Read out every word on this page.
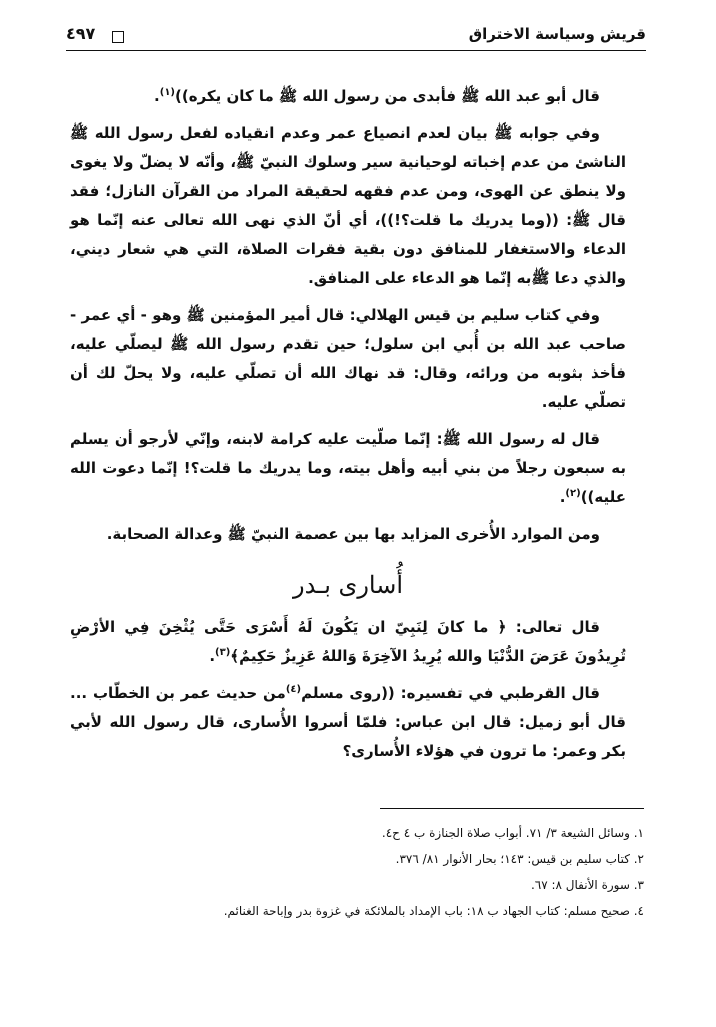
قريش وسياسة الاختراق
٤٩٧

قال أبو عبد الله ﷺ فأبدى من رسول الله ﷺ ما كان يكره))$^{(١)}$.

وفي جوابه ﷺ بيان لعدم انصياع عمر وعدم انقياده لفعل رسول الله ﷺ الناشئ من عدم إخباته لوحيانية سير وسلوك النبيّ ﷺ، وأنّه لا يضلّ ولا يغوى ولا ينطق عن الهوى، ومن عدم فقهه لحقيقة المراد من القرآن النازل؛ فقد قال ﷺ: ((وما يدريك ما قلت؟!))، أي أنّ الذي نهى الله تعالى عنه إنّما هو الدعاء والاستغفار للمنافق دون بقية فقرات الصلاة، التي هي شعار ديني، والذي دعا ﷺبه إنّما هو الدعاء على المنافق.

وفي كتاب سليم بن قيس الهلالي: قال أمير المؤمنين ﷺ وهو - أي عمر - صاحب عبد الله بن أُبي ابن سلول؛ حين تقدم رسول الله ﷺ ليصلّي عليه، فأخذ بثوبه من ورائه، وقال: قد نهاك الله أن تصلّي عليه، ولا يحلّ لك أن تصلّي عليه.

قال له رسول الله ﷺ: إنّما صلّيت عليه كرامة لابنه، وإنّي لأرجو أن يسلم به سبعون رجلاً من بني أبيه وأهل بيته، وما يدريك ما قلت؟! إنّما دعوت الله عليه))$^{(٢)}$.

ومن الموارد الأُخرى المزايد بها بين عصمة النبيّ ﷺ وعدالة الصحابة.

أُسارى بـدر

قال تعالى: ﴿ ما كانَ لِنَبِيّ ان يَكُونَ لَهُ أَسْرَى حَتَّى يُثْخِنَ فِي الأرْضِ تُرِيدُونَ عَرَضَ الدُّنْيَا والله يُرِيدُ الآخِرَةَ وَاللهُ عَزِيزٌ حَكِيمٌ﴾$^{(٣)}$.

قال القرطبي في تفسيره: ((روى مسلم$^{(٤)}$من حديث عمر بن الخطّاب ... قال أبو زميل: قال ابن عباس: فلمّا أسروا الأُسارى، قال رسول الله لأبي بكر وعمر: ما ترون في هؤلاء الأُسارى؟

١. وسائل الشيعة ٣/ ٧١. أبواب صلاة الجنازة ب ٤ ح٤.
٢. كتاب سليم بن قيس: ١٤٣؛ بحار الأنوار ٨١/ ٣٧٦.
٣. سورة الأنفال ٨: ٦٧.
٤. صحيح مسلم: كتاب الجهاد ب ١٨: باب الإمداد بالملائكة في غزوة بدر وإباحة الغنائم.
